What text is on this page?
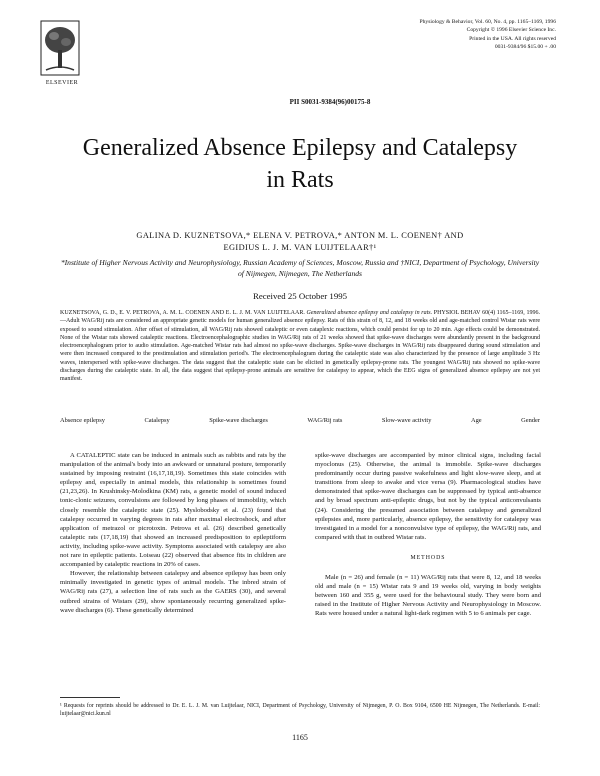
ELSEVIER
Physiology & Behavior, Vol. 60, No. 4, pp. 1165–1169, 1996
Copyright © 1996 Elsevier Science Inc.
Printed in the USA. All rights reserved
0031-9384/96 $15.00 + .00
PII S0031-9384(96)00175-8
Generalized Absence Epilepsy and Catalepsy
in Rats
GALINA D. KUZNETSOVA,* ELENA V. PETROVA,* ANTON M. L. COENEN† AND
EGIDIUS L. J. M. VAN LUIJTELAAR†¹
*Institute of Higher Nervous Activity and Neurophysiology, Russian Academy of Sciences, Moscow, Russia and †NICI, Department of Psychology, University of Nijmegen, Nijmegen, The Netherlands
Received 25 October 1995
KUZNETSOVA, G. D., E. V. PETROVA, A. M. L. COENEN AND E. L. J. M. VAN LUIJTELAAR. Generalized absence epilepsy and catalepsy in rats. PHYSIOL BEHAV 60(4) 1165–1169, 1996.—Adult WAG/Rij rats are considered an appropriate genetic models for human generalized absence epilepsy. Rats of this strain of 8, 12, and 18 weeks old and age-matched control Wistar rats were exposed to sound stimulation. After offset of stimulation, all WAG/Rij rats showed cataleptic or even cataplexic reactions, which could persist for up to 20 min. Age effects could be demonstrated. None of the Wistar rats showed cataleptic reactions. Electroencephalographic studies in WAG/Rij rats of 21 weeks showed that spike-wave discharges were abundantly present in the background electroencephalogram prior to audio stimulation. Age-matched Wistar rats had almost no spike-wave discharges. Spike-wave discharges in WAG/Rij rats disappeared during sound stimulation and were then increased compared to the prestimulation and stimulation period's. The electroencephalogram during the cataleptic state was also characterized by the presence of large amplitude 3 Hz waves, interspersed with spike-wave discharges. The data suggest that the cataleptic state can be elicited in genetically epilepsy-prone rats. The youngest WAG/Rij rats showed no spike-wave discharges during the cataleptic state. In all, the data suggest that epilepsy-prone animals are sensitive for catalepsy to appear, which the EEG signs of generalized absence epilepsy are not yet manifest.
Absence epilepsy	Catalepsy	Spike-wave discharges	WAG/Rij rats	Slow-wave activity	Age	Gender

A CATALEPTIC state can be induced in animals such as rabbits and rats by the manipulation of the animal's body into an awkward or unnatural posture, temporarily sustained by imposing restraint (16,17,18,19). Sometimes this state coincides with epilepsy and, especially in animal models, this relationship is sometimes found (21,23,26). In Krushinsky-Molodkina (KM) rats, a genetic model of sound induced tonic-clonic seizures, convulsions are followed by long phases of immobility, which closely resemble the cataleptic state (25). Myslobodsky et al. (23) found that catalepsy occurred in varying degrees in rats after maximal electroshock, and after application of metrazol or picrotoxin. Petrova et al. (26) described genetically cataleptic rats (17,18,19) that showed an increased predisposition to epileptiform activity, including spike-wave activity. Symptoms associated with catalepsy are also not rare in epileptic patients. Loiseau (22) observed that absence fits in children are accompanied by cataleptic reactions in 20% of cases.

However, the relationship between catalepsy and absence epilepsy has been only minimally investigated in genetic types of animal models. The inbred strain of WAG/Rij rats (27), a selection line of rats such as the GAERS (30), and several outbred strains of Wistars (29), show spontaneously recurring generalized spike-wave discharges (6). These genetically determined

spike-wave discharges are accompanied by minor clinical signs, including facial myoclonus (25). Otherwise, the animal is immobile. Spike-wave discharges predominantly occur during passive wakefulness and light slow-wave sleep, and at transitions from sleep to awake and vice versa (9). Pharmacological studies have demonstrated that spike-wave discharges can be suppressed by typical anti-absence and by broad spectrum anti-epileptic drugs, but not by the typical anticonvulsants (24). Considering the presumed association between catalepsy and generalized epilepsies and, more particularly, absence epilepsy, the sensitivity for catalepsy was investigated in a model for a nonconvulsive type of epilepsy, the WAG/Rij rats, and compared with that in outbred Wistar rats.

METHODS

Male (n = 26) and female (n = 11) WAG/Rij rats that were 8, 12, and 18 weeks old and male (n = 15) Wistar rats 9 and 19 weeks old, varying in body weights between 160 and 355 g, were used for the behavioural study. They were born and raised in the Institute of Higher Nervous Activity and Neurophysiology in Moscow. Rats were housed under a natural light-dark regimen with 5 to 6 animals per cage.

¹ Requests for reprints should be addressed to Dr. E. L. J. M. van Luijtelaar, NICI, Department of Psychology, University of Nijmegen, P. O. Box 9104, 6500 HE Nijmegen, The Netherlands. E-mail: luijtelaar@nici.kun.nl
1165
